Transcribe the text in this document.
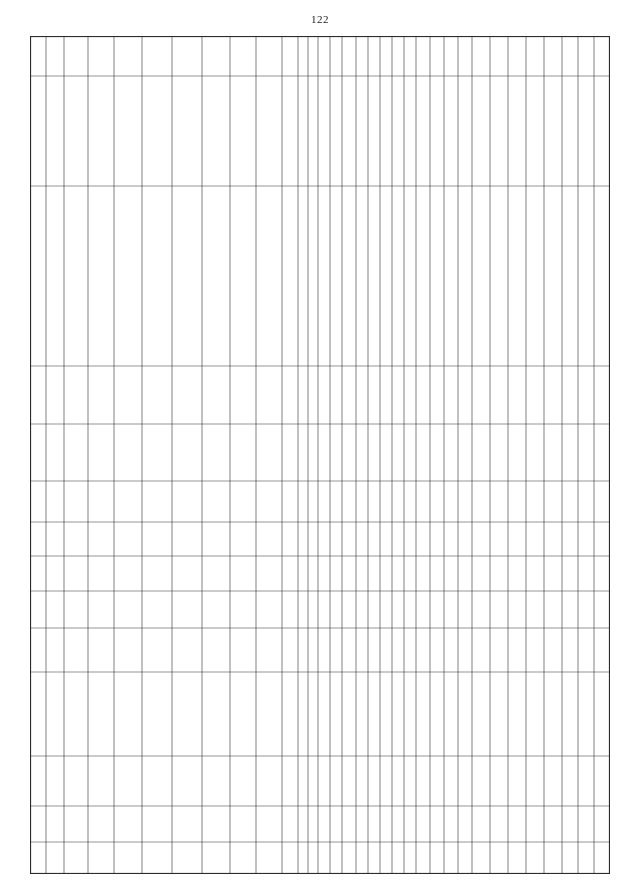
122
